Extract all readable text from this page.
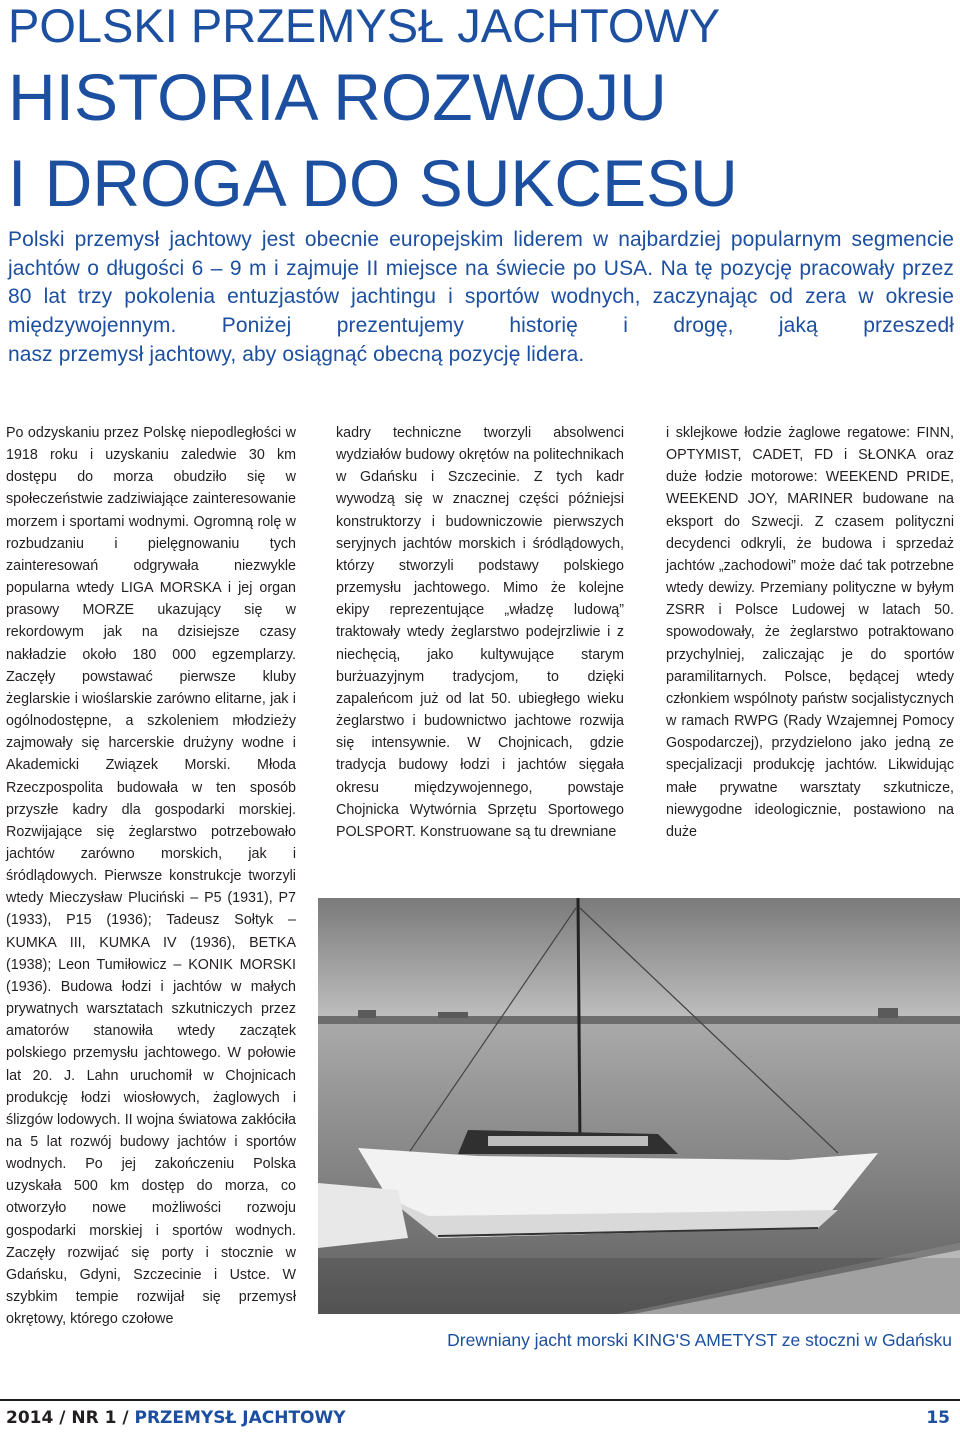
POLSKI PRZEMYSŁ JACHTOWY
HISTORIA ROZWOJU
I DROGA DO SUKCESU

Polski przemysł jachtowy jest obecnie europejskim liderem w najbardziej popularnym segmencie jachtów o długości 6 – 9 m i zajmuje II miejsce na świecie po USA. Na tę pozycję pracowały przez 80 lat trzy pokolenia entuzjastów jachtingu i sportów wodnych, zaczynając od zera w okresie międzywojennym. Poniżej prezentujemy historię i drogę, jaką przeszedł
nasz przemysł jachtowy, aby osiągnąć obecną pozycję lidera.

Po odzyskaniu przez Polskę niepodległości w 1918 roku i uzyskaniu zaledwie 30 km dostępu do morza obudziło się w społeczeństwie zadziwiające zainteresowanie morzem i sportami wodnymi. Ogromną rolę w rozbudzaniu i pielęgnowaniu tych zainteresowań odgrywała niezwykle popularna wtedy LIGA MORSKA i jej organ prasowy MORZE ukazujący się w rekordowym jak na dzisiejsze czasy nakładzie około 180 000 egzemplarzy. Zaczęły powstawać pierwsze kluby żeglarskie i wioślarskie zarówno elitarne, jak i ogólnodostępne, a szkoleniem młodzieży zajmowały się harcerskie drużyny wodne i Akademicki Związek Morski. Młoda Rzeczpospolita budowała w ten sposób przyszłe kadry dla gospodarki morskiej. Rozwijające się żeglarstwo potrzebowało jachtów zarówno morskich, jak i śródlądowych. Pierwsze konstrukcje tworzyli wtedy Mieczysław Pluciński – P5 (1931), P7 (1933), P15 (1936); Tadeusz Sołtyk – KUMKA III, KUMKA IV (1936), BETKA (1938); Leon Tumiłowicz – KONIK MORSKI (1936). Budowa łodzi i jachtów w małych prywatnych warsztatach szkutniczych przez amatorów stanowiła wtedy zaczątek polskiego przemysłu jachtowego. W połowie lat 20. J. Lahn uruchomił w Chojnicach produkcję łodzi wiosłowych, żaglowych i ślizgów lodowych. II wojna światowa zakłóciła na 5 lat rozwój budowy jachtów i sportów wodnych. Po jej zakończeniu Polska uzyskała 500 km dostęp do morza, co otworzyło nowe możliwości rozwoju gospodarki morskiej i sportów wodnych. Zaczęły rozwijać się porty i stocznie w Gdańsku, Gdyni, Szczecinie i Ustce. W szybkim tempie rozwijał się przemysł okrętowy, którego czołowe

kadry techniczne tworzyli absolwenci wydziałów budowy okrętów na politechnikach w Gdańsku i Szczecinie. Z tych kadr wywodzą się w znacznej części późniejsi konstruktorzy i budowniczowie pierwszych seryjnych jachtów morskich i śródlądowych, którzy stworzyli podstawy polskiego przemysłu jachtowego. Mimo że kolejne ekipy reprezentujące „władzę ludową” traktowały wtedy żeglarstwo podejrzliwie i z niechęcią, jako kultywujące starym burżuazyjnym tradycjom, to dzięki zapaleńcom już od lat 50. ubiegłego wieku żeglarstwo i budownictwo jachtowe rozwija się intensywnie. W Chojnicach, gdzie tradycja budowy łodzi i jachtów sięgała okresu międzywojennego, powstaje Chojnicka Wytwórnia Sprzętu Sportowego POLSPORT. Konstruowane są tu drewniane

i sklejkowe łodzie żaglowe regatowe: FINN, OPTYMIST, CADET, FD i SŁONKA oraz duże łodzie motorowe: WEEKEND PRIDE, WEEKEND JOY, MARINER budowane na eksport do Szwecji. Z czasem polityczni decydenci odkryli, że budowa i sprzedaż jachtów „zachodowi” może dać tak potrzebne wtedy dewizy. Przemiany polityczne w byłym ZSRR i Polsce Ludowej w latach 50. spowodowały, że żeglarstwo potraktowano przychylniej, zaliczając je do sportów paramilitarnych. Polsce, będącej wtedy członkiem wspólnoty państw socjalistycznych w ramach RWPG (Rady Wzajemnej Pomocy Gospodarczej), przydzielono jako jedną ze specjalizacji produkcję jachtów. Likwidując małe prywatne warsztaty szkutnicze, niewygodne ideologicznie, postawiono na duże

Drewniany jacht morski KING'S AMETYST ze stoczni w Gdańsku

2014 / NR 1 / PRZEMYSŁ JACHTOWY	15
